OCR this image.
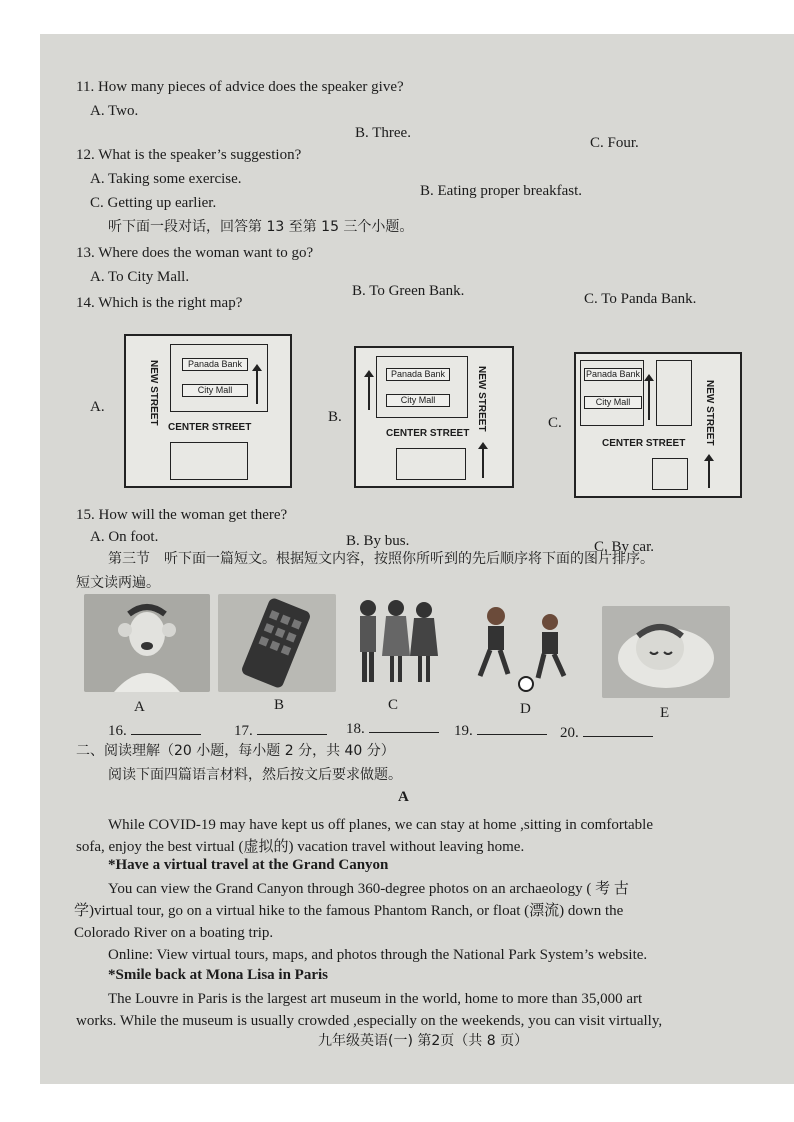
11. How many pieces of advice does the speaker give?
A. Two.
B. Three.
C. Four.
12. What is the speaker’s suggestion?
A. Taking some exercise.
B. Eating proper breakfast.
C. Getting up earlier.
听下面一段对话，回答第 13 至第 15 三个小题。
13. Where does the woman want to go?
A. To City Mall.
B. To Green Bank.	C. To Panda Bank.
14. Which is the right map?
A.	NEW STREET	Panada Bank
City Mall
CENTER STREET
B.
Panada Bank
City Mall	NEW STREET
CENTER STREET
C.
Panada Bank
City Mall	NEW STREET
CENTER STREET
15. How will the woman get there?
A. On foot.	B. By bus.	C. By car.
第三节　听下面一篇短文。根据短文内容，按照你所听到的先后顺序将下面的图片排序。
短文读两遍。
A	B	C	D	E
16.	17.	18.	19.	20.
二、阅读理解（20 小题，每小题 2 分，共 40 分）
阅读下面四篇语言材料，然后按文后要求做题。
A
While COVID-19 may have kept us off planes, we can stay at home ,sitting in comfortable
sofa, enjoy the best virtual (虚拟的) vacation travel without leaving home.
*Have a virtual travel at the Grand Canyon
You can view the Grand Canyon through 360-degree photos on an archaeology ( 考 古
学)virtual tour, go on a virtual hike to the famous Phantom Ranch, or float (漂流) down the
Colorado River on a boating trip.
Online: View virtual tours, maps, and photos through the National Park System’s website.
*Smile back at Mona Lisa in Paris
The Louvre in Paris is the largest art museum in the world, home to more than 35,000 art
works. While the museum is usually crowded ,especially on the weekends, you can visit virtually,
九年级英语(一) 第2页（共 8 页）
